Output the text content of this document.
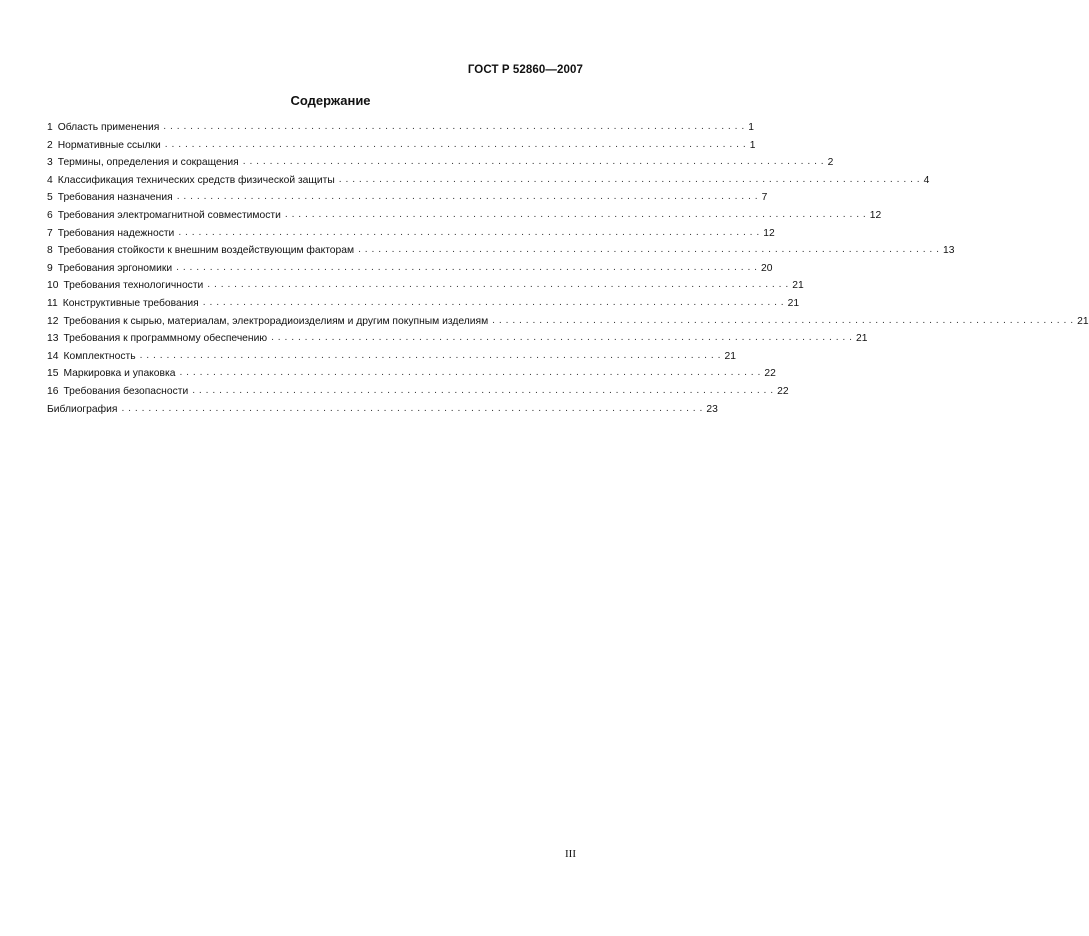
ГОСТ Р 52860—2007
Содержание
1 Область применения . . .	1
2 Нормативные ссылки . . .	1
3 Термины, определения и сокращения . . .	2
4 Классификация технических средств физической защиты . . .	4
5 Требования назначения . . .	7
6 Требования электромагнитной совместимости . . .	12
7 Требования надежности . . .	12
8 Требования стойкости к внешним воздействующим факторам . . .	13
9 Требования эргономики . . .	20
10 Требования технологичности . . .	21
11 Конструктивные требования . . .	21
12 Требования к сырью, материалам, электрорадиоизделиям и другим покупным изделиям . . .	21
13 Требования к программному обеспечению . . .	21
14 Комплектность . . .	21
15 Маркировка и упаковка . . .	22
16 Требования безопасности . . .	22
Библиография . . .	23
III
